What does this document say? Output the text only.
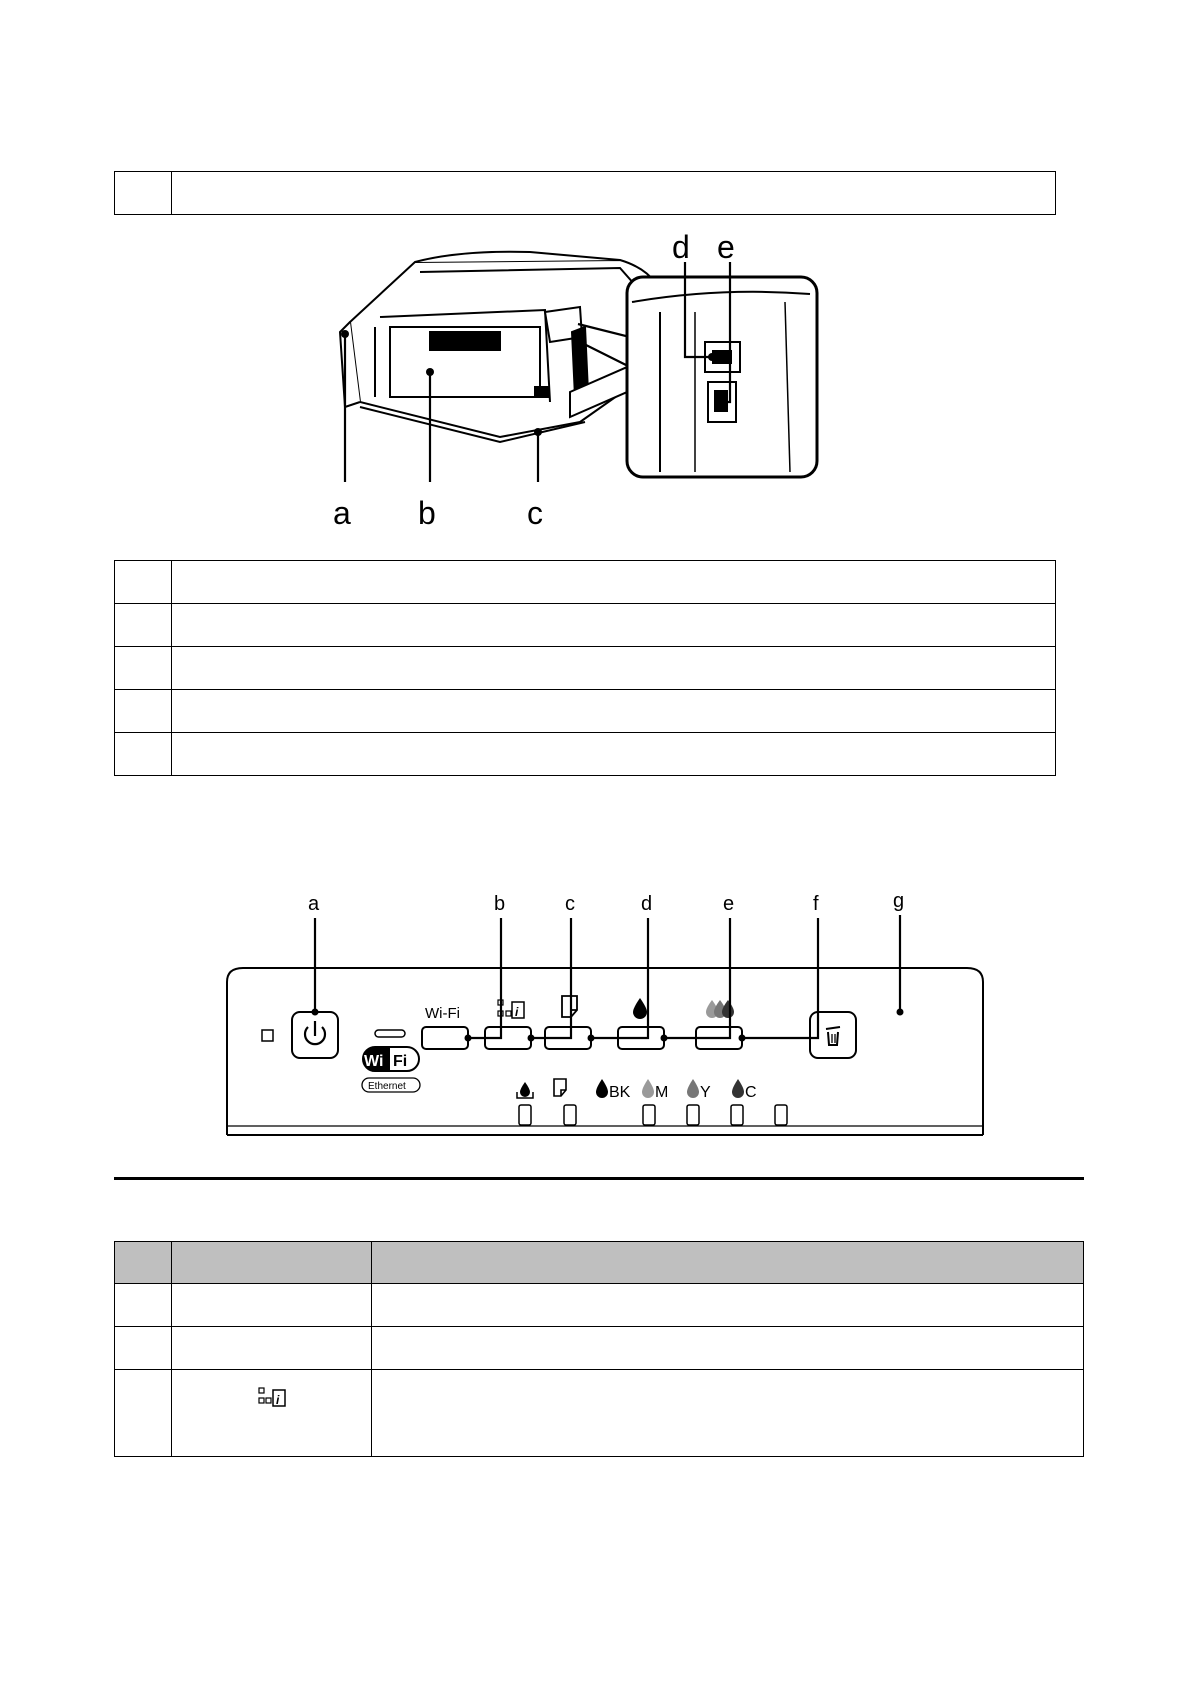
a b	c
d e

Wi Fi
Ethernet
Wi-Fi	i
BK M Y C
a	b	c	d	e	f	g

i	
